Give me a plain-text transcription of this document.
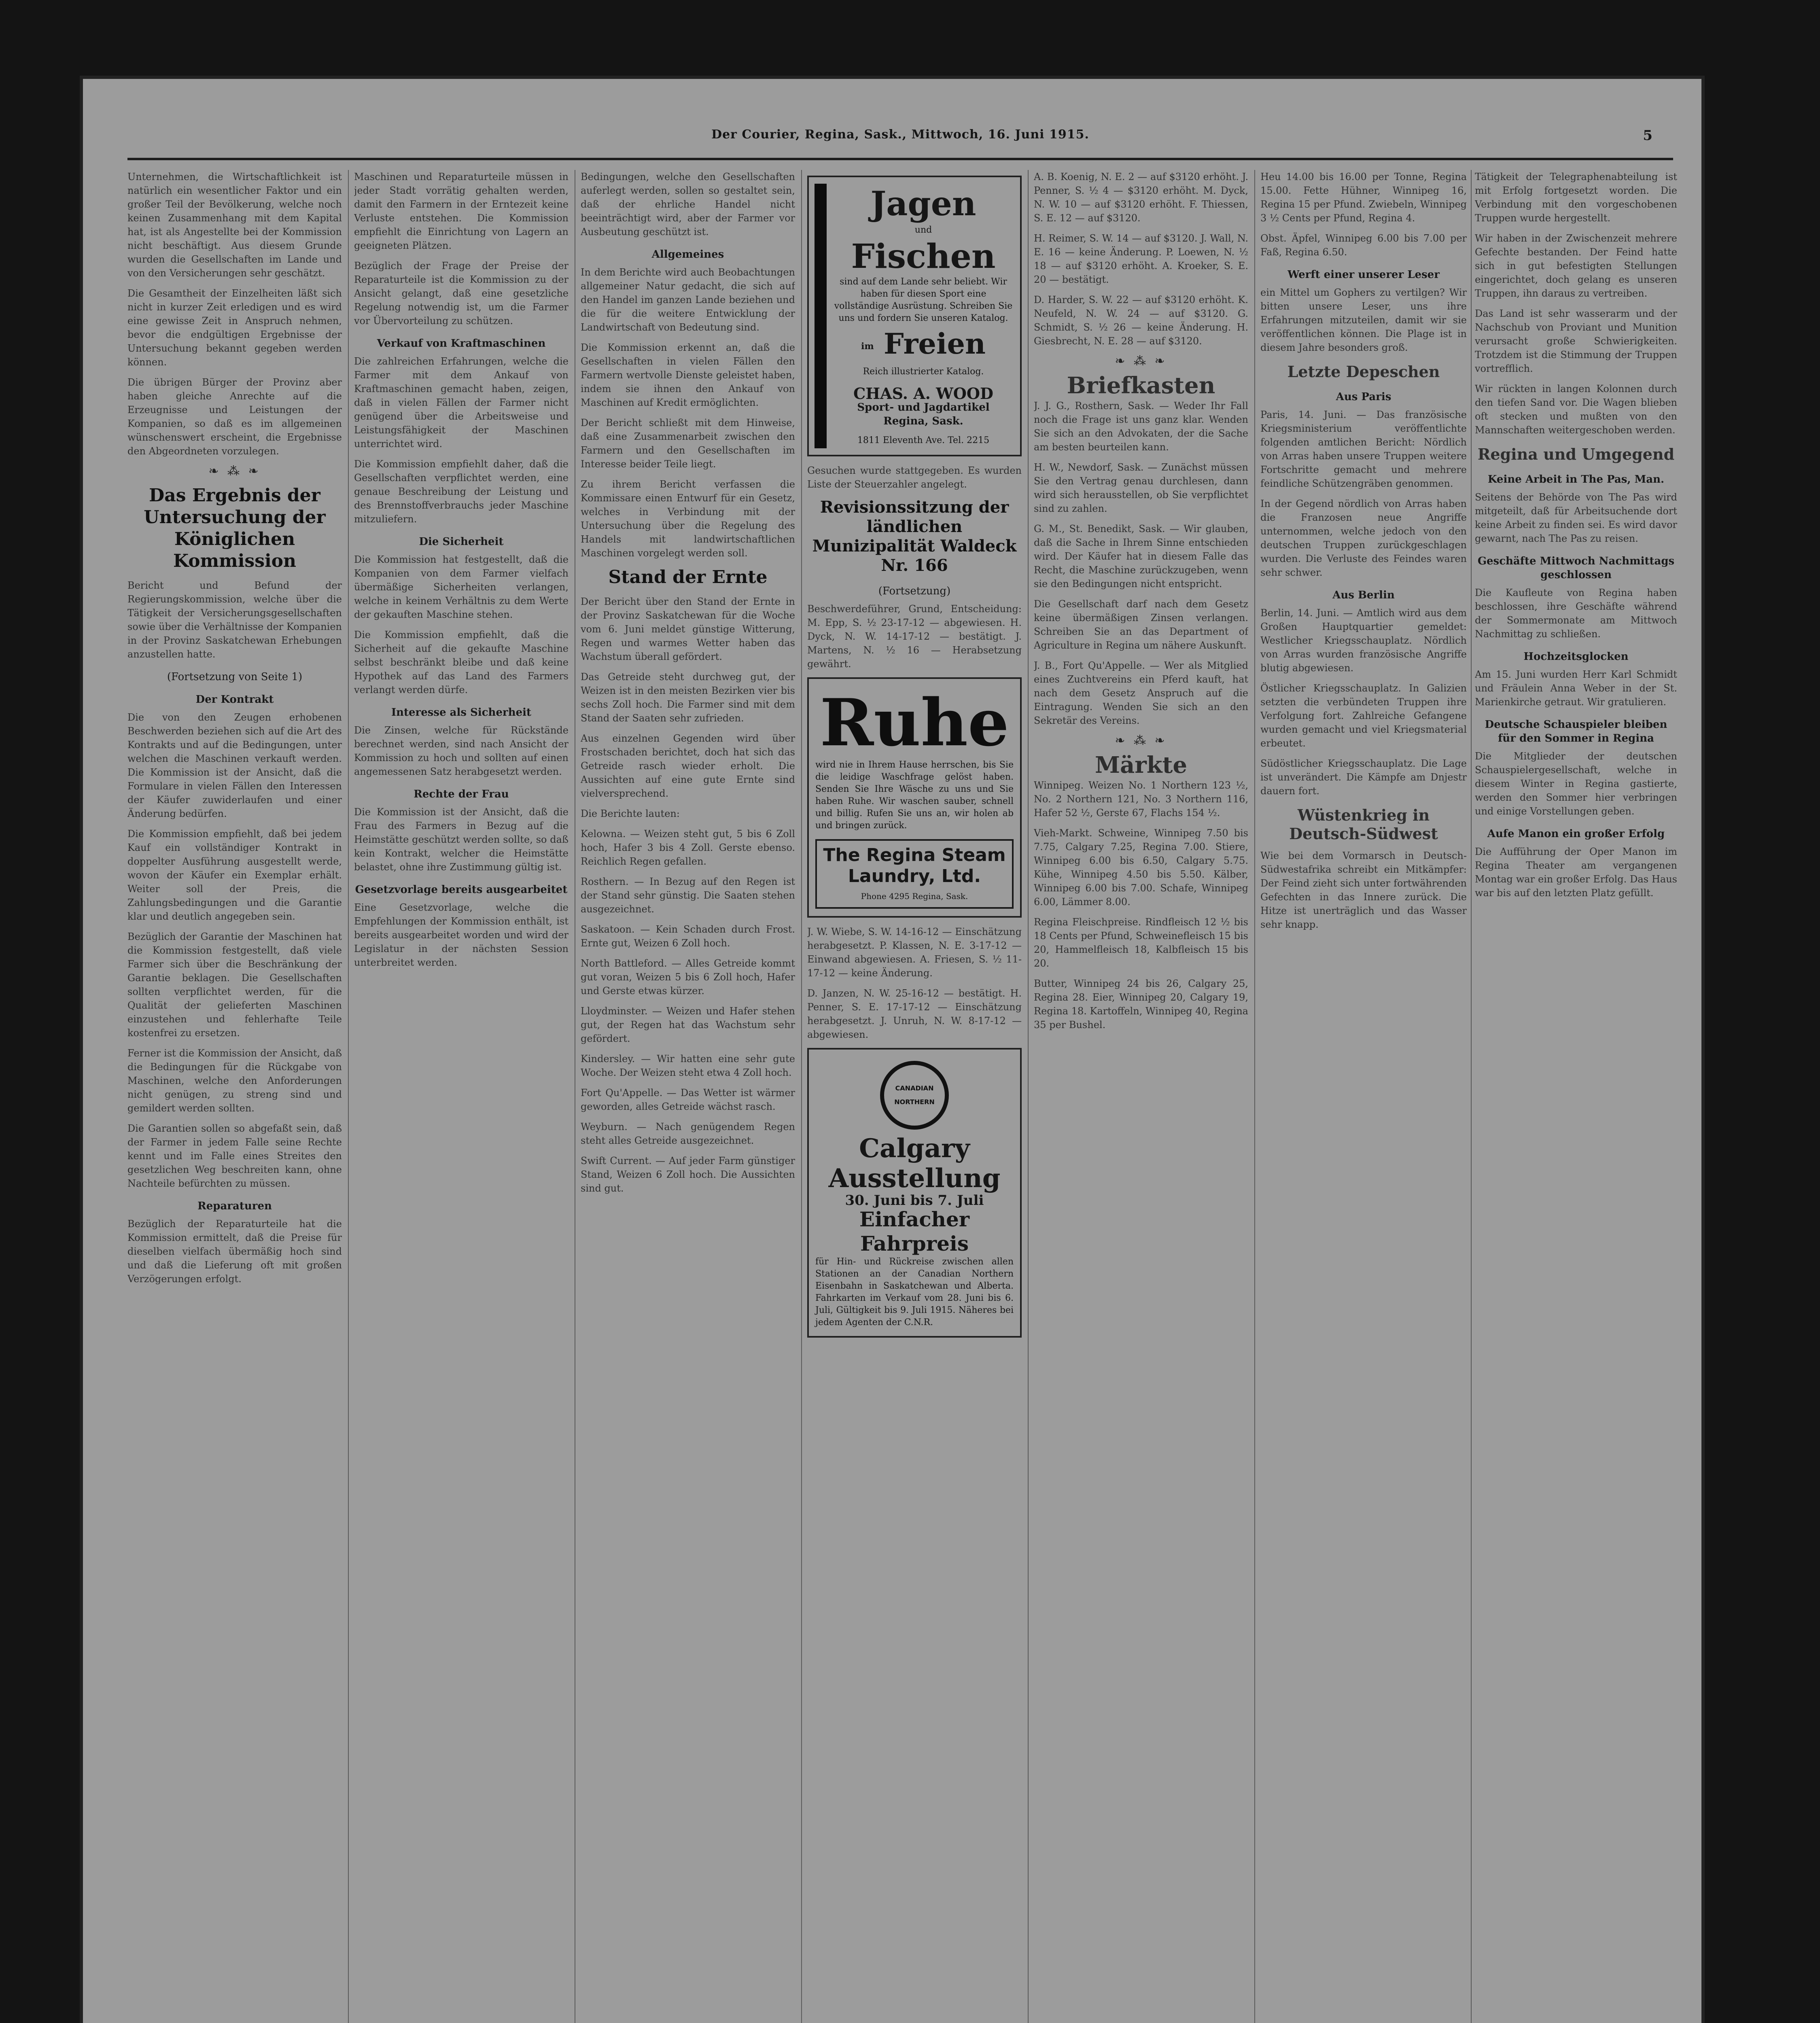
Der Courier, Regina, Sask., Mittwoch, 16. Juni 1915.	5

Unternehmen, die Wirtschaftlichkeit ist natürlich ein wesentlicher Faktor und ein großer Teil der Bevölkerung, welche noch keinen Zusammenhang mit dem Kapital hat, ist als Angestellte bei der Kommission nicht beschäftigt. Aus diesem Grunde wurden die Gesellschaften im Lande und von den Versicherungen sehr geschätzt.

Die Gesamtheit der Einzelheiten läßt sich nicht in kurzer Zeit erledigen und es wird eine gewisse Zeit in Anspruch nehmen, bevor die endgültigen Ergebnisse der Untersuchung bekannt gegeben werden können.

Die übrigen Bürger der Provinz aber haben gleiche Anrechte auf die Erzeugnisse und Leistungen der Kompanien, so daß es im allgemeinen wünschenswert erscheint, die Ergebnisse den Abgeordneten vorzulegen.

❧ ⁂ ❧
Das Ergebnis der Untersuchung der Königlichen Kommission

Bericht und Befund der Regierungskommission, welche über die Tätigkeit der Versicherungsgesellschaften sowie über die Verhältnisse der Kompanien in der Provinz Saskatchewan Erhebungen anzustellen hatte.

(Fortsetzung von Seite 1)

Der Kontrakt

Die von den Zeugen erhobenen Beschwerden beziehen sich auf die Art des Kontrakts und auf die Bedingungen, unter welchen die Maschinen verkauft werden. Die Kommission ist der Ansicht, daß die Formulare in vielen Fällen den Interessen der Käufer zuwiderlaufen und einer Änderung bedürfen.

Die Kommission empfiehlt, daß bei jedem Kauf ein vollständiger Kontrakt in doppelter Ausführung ausgestellt werde, wovon der Käufer ein Exemplar erhält. Weiter soll der Preis, die Zahlungsbedingungen und die Garantie klar und deutlich angegeben sein.

Bezüglich der Garantie der Maschinen hat die Kommission festgestellt, daß viele Farmer sich über die Beschränkung der Garantie beklagen. Die Gesellschaften sollten verpflichtet werden, für die Qualität der gelieferten Maschinen einzustehen und fehlerhafte Teile kostenfrei zu ersetzen.

Ferner ist die Kommission der Ansicht, daß die Bedingungen für die Rückgabe von Maschinen, welche den Anforderungen nicht genügen, zu streng sind und gemildert werden sollten.

Die Garantien sollen so abgefaßt sein, daß der Farmer in jedem Falle seine Rechte kennt und im Falle eines Streites den gesetzlichen Weg beschreiten kann, ohne Nachteile befürchten zu müssen.

Reparaturen

Bezüglich der Reparaturteile hat die Kommission ermittelt, daß die Preise für dieselben vielfach übermäßig hoch sind und daß die Lieferung oft mit großen Verzögerungen erfolgt.

Maschinen und Reparaturteile müssen in jeder Stadt vorrätig gehalten werden, damit den Farmern in der Erntezeit keine Verluste entstehen. Die Kommission empfiehlt die Einrichtung von Lagern an geeigneten Plätzen.

Bezüglich der Frage der Preise der Reparaturteile ist die Kommission zu der Ansicht gelangt, daß eine gesetzliche Regelung notwendig ist, um die Farmer vor Übervorteilung zu schützen.

Verkauf von Kraftmaschinen

Die zahlreichen Erfahrungen, welche die Farmer mit dem Ankauf von Kraftmaschinen gemacht haben, zeigen, daß in vielen Fällen der Farmer nicht genügend über die Arbeitsweise und Leistungsfähigkeit der Maschinen unterrichtet wird.

Die Kommission empfiehlt daher, daß die Gesellschaften verpflichtet werden, eine genaue Beschreibung der Leistung und des Brennstoffverbrauchs jeder Maschine mitzuliefern.

Die Sicherheit

Die Kommission hat festgestellt, daß die Kompanien von dem Farmer vielfach übermäßige Sicherheiten verlangen, welche in keinem Verhältnis zu dem Werte der gekauften Maschine stehen.

Die Kommission empfiehlt, daß die Sicherheit auf die gekaufte Maschine selbst beschränkt bleibe und daß keine Hypothek auf das Land des Farmers verlangt werden dürfe.

Interesse als Sicherheit

Die Zinsen, welche für Rückstände berechnet werden, sind nach Ansicht der Kommission zu hoch und sollten auf einen angemessenen Satz herabgesetzt werden.

Rechte der Frau

Die Kommission ist der Ansicht, daß die Frau des Farmers in Bezug auf die Heimstätte geschützt werden sollte, so daß kein Kontrakt, welcher die Heimstätte belastet, ohne ihre Zustimmung gültig ist.

Gesetzvorlage bereits ausgearbeitet

Eine Gesetzvorlage, welche die Empfehlungen der Kommission enthält, ist bereits ausgearbeitet worden und wird der Legislatur in der nächsten Session unterbreitet werden.

Bedingungen, welche den Gesellschaften auferlegt werden, sollen so gestaltet sein, daß der ehrliche Handel nicht beeinträchtigt wird, aber der Farmer vor Ausbeutung geschützt ist.

Allgemeines

In dem Berichte wird auch Beobachtungen allgemeiner Natur gedacht, die sich auf den Handel im ganzen Lande beziehen und die für die weitere Entwicklung der Landwirtschaft von Bedeutung sind.

Die Kommission erkennt an, daß die Gesellschaften in vielen Fällen den Farmern wertvolle Dienste geleistet haben, indem sie ihnen den Ankauf von Maschinen auf Kredit ermöglichten.

Der Bericht schließt mit dem Hinweise, daß eine Zusammenarbeit zwischen den Farmern und den Gesellschaften im Interesse beider Teile liegt.

Zu ihrem Bericht verfassen die Kommissare einen Entwurf für ein Gesetz, welches in Verbindung mit der Untersuchung über die Regelung des Handels mit landwirtschaftlichen Maschinen vorgelegt werden soll.

Stand der Ernte

Der Bericht über den Stand der Ernte in der Provinz Saskatchewan für die Woche vom 6. Juni meldet günstige Witterung, Regen und warmes Wetter haben das Wachstum überall gefördert.

Das Getreide steht durchweg gut, der Weizen ist in den meisten Bezirken vier bis sechs Zoll hoch. Die Farmer sind mit dem Stand der Saaten sehr zufrieden.

Aus einzelnen Gegenden wird über Frostschaden berichtet, doch hat sich das Getreide rasch wieder erholt. Die Aussichten auf eine gute Ernte sind vielversprechend.

Die Berichte lauten:

Kelowna. — Weizen steht gut, 5 bis 6 Zoll hoch, Hafer 3 bis 4 Zoll. Gerste ebenso. Reichlich Regen gefallen.

Rosthern. — In Bezug auf den Regen ist der Stand sehr günstig. Die Saaten stehen ausgezeichnet.

Saskatoon. — Kein Schaden durch Frost. Ernte gut, Weizen 6 Zoll hoch.

North Battleford. — Alles Getreide kommt gut voran, Weizen 5 bis 6 Zoll hoch, Hafer und Gerste etwas kürzer.

Lloydminster. — Weizen und Hafer stehen gut, der Regen hat das Wachstum sehr gefördert.

Kindersley. — Wir hatten eine sehr gute Woche. Der Weizen steht etwa 4 Zoll hoch.

Fort Qu'Appelle. — Das Wetter ist wärmer geworden, alles Getreide wächst rasch.

Weyburn. — Nach genügendem Regen steht alles Getreide ausgezeichnet.

Swift Current. — Auf jeder Farm günstiger Stand, Weizen 6 Zoll hoch. Die Aussichten sind gut.

Jagen
und
Fischen
sind auf dem Lande sehr beliebt. Wir haben für diesen Sport eine vollständige Ausrüstung. Schreiben Sie uns und fordern Sie unseren Katalog.
im Freien
Reich illustrierter Katalog.
CHAS. A. WOOD
Sport- und Jagdartikel
Regina, Sask.
1811 Eleventh Ave. Tel. 2215

Gesuchen wurde stattgegeben. Es wurden Liste der Steuerzahler angelegt.

Revisionssitzung der ländlichen Munizipalität Waldeck Nr. 166

(Fortsetzung)

Beschwerdeführer, Grund, Entscheidung: M. Epp, S. ½ 23-17-12 — abgewiesen. H. Dyck, N. W. 14-17-12 — bestätigt. J. Martens, N. ½ 16 — Herabsetzung gewährt.

Ruhe
wird nie in Ihrem Hause herrschen, bis Sie die leidige Waschfrage gelöst haben. Senden Sie Ihre Wäsche zu uns und Sie haben Ruhe. Wir waschen sauber, schnell und billig. Rufen Sie uns an, wir holen ab und bringen zurück.
The Regina Steam Laundry, Ltd.
Phone 4295 Regina, Sask.

J. W. Wiebe, S. W. 14-16-12 — Einschätzung herabgesetzt. P. Klassen, N. E. 3-17-12 — Einwand abgewiesen. A. Friesen, S. ½ 11-17-12 — keine Änderung.

D. Janzen, N. W. 25-16-12 — bestätigt. H. Penner, S. E. 17-17-12 — Einschätzung herabgesetzt. J. Unruh, N. W. 8-17-12 — abgewiesen.

CANADIAN NORTHERN
Calgary Ausstellung
30. Juni bis 7. Juli
Einfacher Fahrpreis
für Hin- und Rückreise zwischen allen Stationen an der Canadian Northern Eisenbahn in Saskatchewan und Alberta. Fahrkarten im Verkauf vom 28. Juni bis 6. Juli, Gültigkeit bis 9. Juli 1915. Näheres bei jedem Agenten der C.N.R.

A. B. Koenig, N. E. 2 — auf $3120 erhöht. J. Penner, S. ½ 4 — $3120 erhöht. M. Dyck, N. W. 10 — auf $3120 erhöht. F. Thiessen, S. E. 12 — auf $3120.

H. Reimer, S. W. 14 — auf $3120. J. Wall, N. E. 16 — keine Änderung. P. Loewen, N. ½ 18 — auf $3120 erhöht. A. Kroeker, S. E. 20 — bestätigt.

D. Harder, S. W. 22 — auf $3120 erhöht. K. Neufeld, N. W. 24 — auf $3120. G. Schmidt, S. ½ 26 — keine Änderung. H. Giesbrecht, N. E. 28 — auf $3120.

❧ ⁂ ❧
Briefkasten

J. J. G., Rosthern, Sask. — Weder Ihr Fall noch die Frage ist uns ganz klar. Wenden Sie sich an den Advokaten, der die Sache am besten beurteilen kann.

H. W., Newdorf, Sask. — Zunächst müssen Sie den Vertrag genau durchlesen, dann wird sich herausstellen, ob Sie verpflichtet sind zu zahlen.

G. M., St. Benedikt, Sask. — Wir glauben, daß die Sache in Ihrem Sinne entschieden wird. Der Käufer hat in diesem Falle das Recht, die Maschine zurückzugeben, wenn sie den Bedingungen nicht entspricht.

Die Gesellschaft darf nach dem Gesetz keine übermäßigen Zinsen verlangen. Schreiben Sie an das Department of Agriculture in Regina um nähere Auskunft.

J. B., Fort Qu'Appelle. — Wer als Mitglied eines Zuchtvereins ein Pferd kauft, hat nach dem Gesetz Anspruch auf die Eintragung. Wenden Sie sich an den Sekretär des Vereins.

❧ ⁂ ❧
Märkte

Winnipeg. Weizen No. 1 Northern 123 ½, No. 2 Northern 121, No. 3 Northern 116, Hafer 52 ½, Gerste 67, Flachs 154 ½.

Vieh-Markt. Schweine, Winnipeg 7.50 bis 7.75, Calgary 7.25, Regina 7.00. Stiere, Winnipeg 6.00 bis 6.50, Calgary 5.75. Kühe, Winnipeg 4.50 bis 5.50. Kälber, Winnipeg 6.00 bis 7.00. Schafe, Winnipeg 6.00, Lämmer 8.00.

Regina Fleischpreise. Rindfleisch 12 ½ bis 18 Cents per Pfund, Schweinefleisch 15 bis 20, Hammelfleisch 18, Kalbfleisch 15 bis 20.

Butter, Winnipeg 24 bis 26, Calgary 25, Regina 28. Eier, Winnipeg 20, Calgary 19, Regina 18. Kartoffeln, Winnipeg 40, Regina 35 per Bushel.

Heu 14.00 bis 16.00 per Tonne, Regina 15.00. Fette Hühner, Winnipeg 16, Regina 15 per Pfund. Zwiebeln, Winnipeg 3 ½ Cents per Pfund, Regina 4.

Obst. Äpfel, Winnipeg 6.00 bis 7.00 per Faß, Regina 6.50.

Werft einer unserer Leser

ein Mittel um Gophers zu vertilgen? Wir bitten unsere Leser, uns ihre Erfahrungen mitzuteilen, damit wir sie veröffentlichen können. Die Plage ist in diesem Jahre besonders groß.

Letzte Depeschen
Aus Paris

Paris, 14. Juni. — Das französische Kriegsministerium veröffentlichte folgenden amtlichen Bericht: Nördlich von Arras haben unsere Truppen weitere Fortschritte gemacht und mehrere feindliche Schützengräben genommen.

In der Gegend nördlich von Arras haben die Franzosen neue Angriffe unternommen, welche jedoch von den deutschen Truppen zurückgeschlagen wurden. Die Verluste des Feindes waren sehr schwer.

Aus Berlin

Berlin, 14. Juni. — Amtlich wird aus dem Großen Hauptquartier gemeldet: Westlicher Kriegsschauplatz. Nördlich von Arras wurden französische Angriffe blutig abgewiesen.

Östlicher Kriegsschauplatz. In Galizien setzten die verbündeten Truppen ihre Verfolgung fort. Zahlreiche Gefangene wurden gemacht und viel Kriegsmaterial erbeutet.

Südöstlicher Kriegsschauplatz. Die Lage ist unverändert. Die Kämpfe am Dnjestr dauern fort.

Wüstenkrieg in Deutsch-Südwest

Wie bei dem Vormarsch in Deutsch-Südwestafrika schreibt ein Mitkämpfer: Der Feind zieht sich unter fortwährenden Gefechten in das Innere zurück. Die Hitze ist unerträglich und das Wasser sehr knapp.

Tätigkeit der Telegraphenabteilung ist mit Erfolg fortgesetzt worden. Die Verbindung mit den vorgeschobenen Truppen wurde hergestellt.

Wir haben in der Zwischenzeit mehrere Gefechte bestanden. Der Feind hatte sich in gut befestigten Stellungen eingerichtet, doch gelang es unseren Truppen, ihn daraus zu vertreiben.

Das Land ist sehr wasserarm und der Nachschub von Proviant und Munition verursacht große Schwierigkeiten. Trotzdem ist die Stimmung der Truppen vortrefflich.

Wir rückten in langen Kolonnen durch den tiefen Sand vor. Die Wagen blieben oft stecken und mußten von den Mannschaften weitergeschoben werden.

Regina und Umgegend
Keine Arbeit in The Pas, Man.

Seitens der Behörde von The Pas wird mitgeteilt, daß für Arbeitsuchende dort keine Arbeit zu finden sei. Es wird davor gewarnt, nach The Pas zu reisen.

Geschäfte Mittwoch Nachmittags geschlossen

Die Kaufleute von Regina haben beschlossen, ihre Geschäfte während der Sommermonate am Mittwoch Nachmittag zu schließen.

Hochzeitsglocken

Am 15. Juni wurden Herr Karl Schmidt und Fräulein Anna Weber in der St. Marienkirche getraut. Wir gratulieren.

Deutsche Schauspieler bleiben für den Sommer in Regina

Die Mitglieder der deutschen Schauspielergesellschaft, welche in diesem Winter in Regina gastierte, werden den Sommer hier verbringen und einige Vorstellungen geben.

Aufe Manon ein großer Erfolg

Die Aufführung der Oper Manon im Regina Theater am vergangenen Montag war ein großer Erfolg. Das Haus war bis auf den letzten Platz gefüllt.
